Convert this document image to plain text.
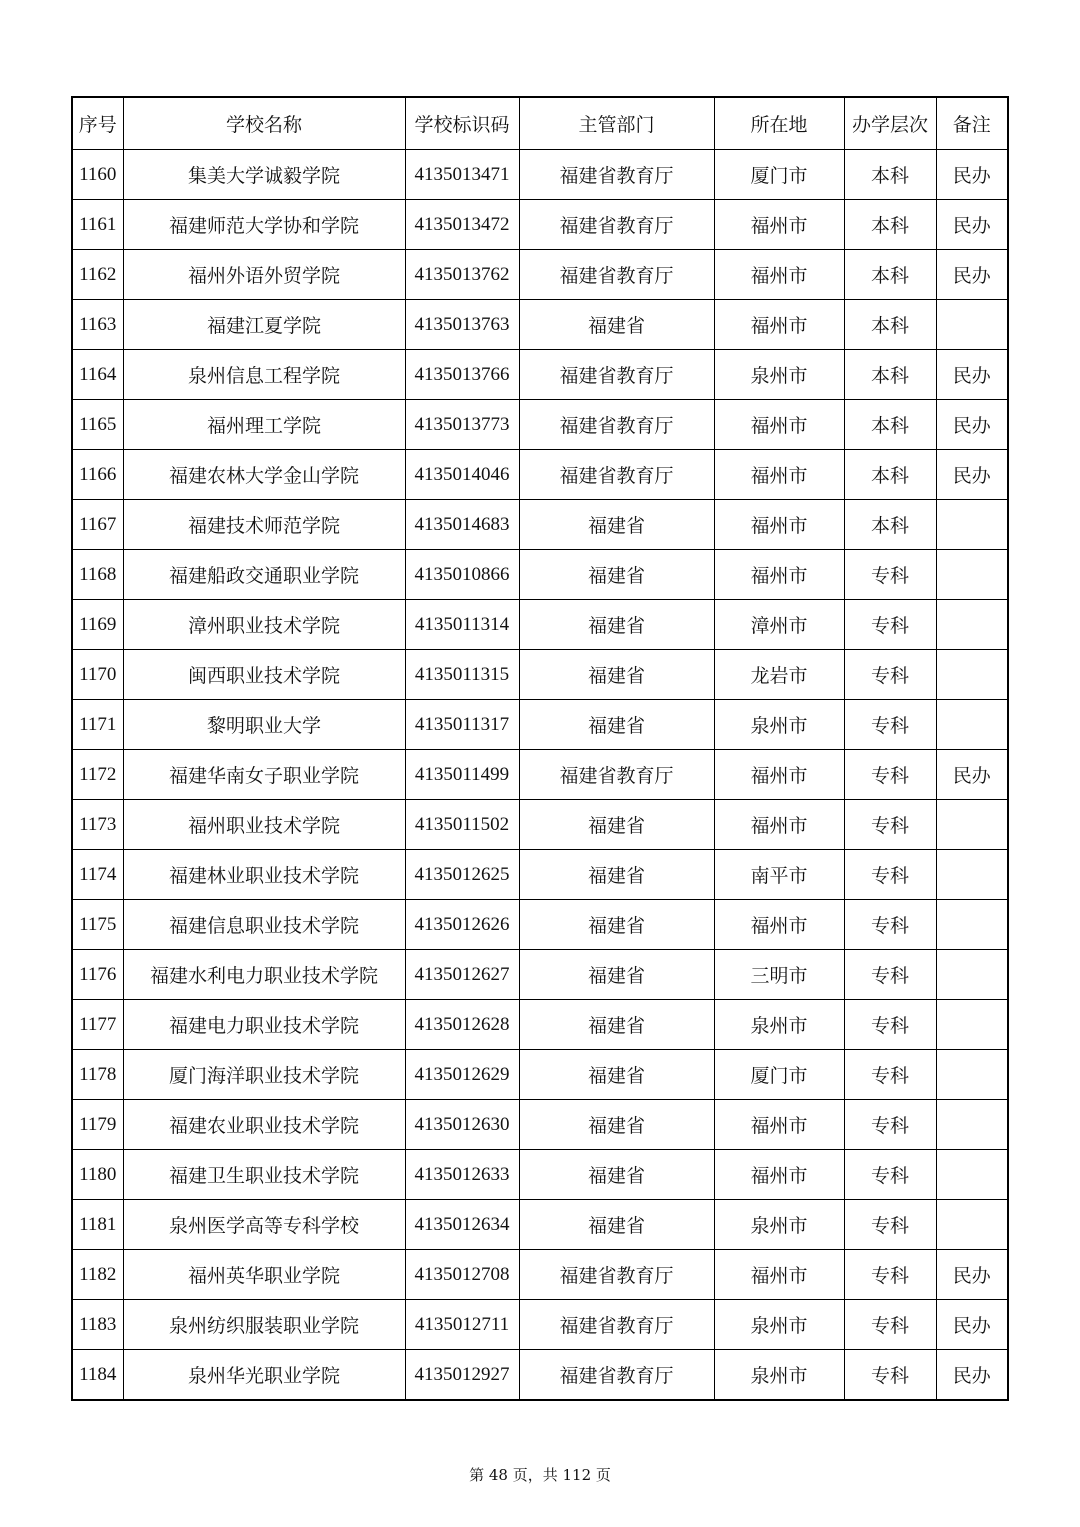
序号	学校名称	学校标识码	主管部门	所在地	办学层次	备注
1160	集美大学诚毅学院	4135013471	福建省教育厅	厦门市	本科	民办
1161	福建师范大学协和学院	4135013472	福建省教育厅	福州市	本科	民办
1162	福州外语外贸学院	4135013762	福建省教育厅	福州市	本科	民办
1163	福建江夏学院	4135013763	福建省	福州市	本科	
1164	泉州信息工程学院	4135013766	福建省教育厅	泉州市	本科	民办
1165	福州理工学院	4135013773	福建省教育厅	福州市	本科	民办
1166	福建农林大学金山学院	4135014046	福建省教育厅	福州市	本科	民办
1167	福建技术师范学院	4135014683	福建省	福州市	本科	
1168	福建船政交通职业学院	4135010866	福建省	福州市	专科	
1169	漳州职业技术学院	4135011314	福建省	漳州市	专科	
1170	闽西职业技术学院	4135011315	福建省	龙岩市	专科	
1171	黎明职业大学	4135011317	福建省	泉州市	专科	
1172	福建华南女子职业学院	4135011499	福建省教育厅	福州市	专科	民办
1173	福州职业技术学院	4135011502	福建省	福州市	专科	
1174	福建林业职业技术学院	4135012625	福建省	南平市	专科	
1175	福建信息职业技术学院	4135012626	福建省	福州市	专科	
1176	福建水利电力职业技术学院	4135012627	福建省	三明市	专科	
1177	福建电力职业技术学院	4135012628	福建省	泉州市	专科	
1178	厦门海洋职业技术学院	4135012629	福建省	厦门市	专科	
1179	福建农业职业技术学院	4135012630	福建省	福州市	专科	
1180	福建卫生职业技术学院	4135012633	福建省	福州市	专科	
1181	泉州医学高等专科学校	4135012634	福建省	泉州市	专科	
1182	福州英华职业学院	4135012708	福建省教育厅	福州市	专科	民办
1183	泉州纺织服装职业学院	4135012711	福建省教育厅	泉州市	专科	民办
1184	泉州华光职业学院	4135012927	福建省教育厅	泉州市	专科	民办
第 48 页，共 112 页
